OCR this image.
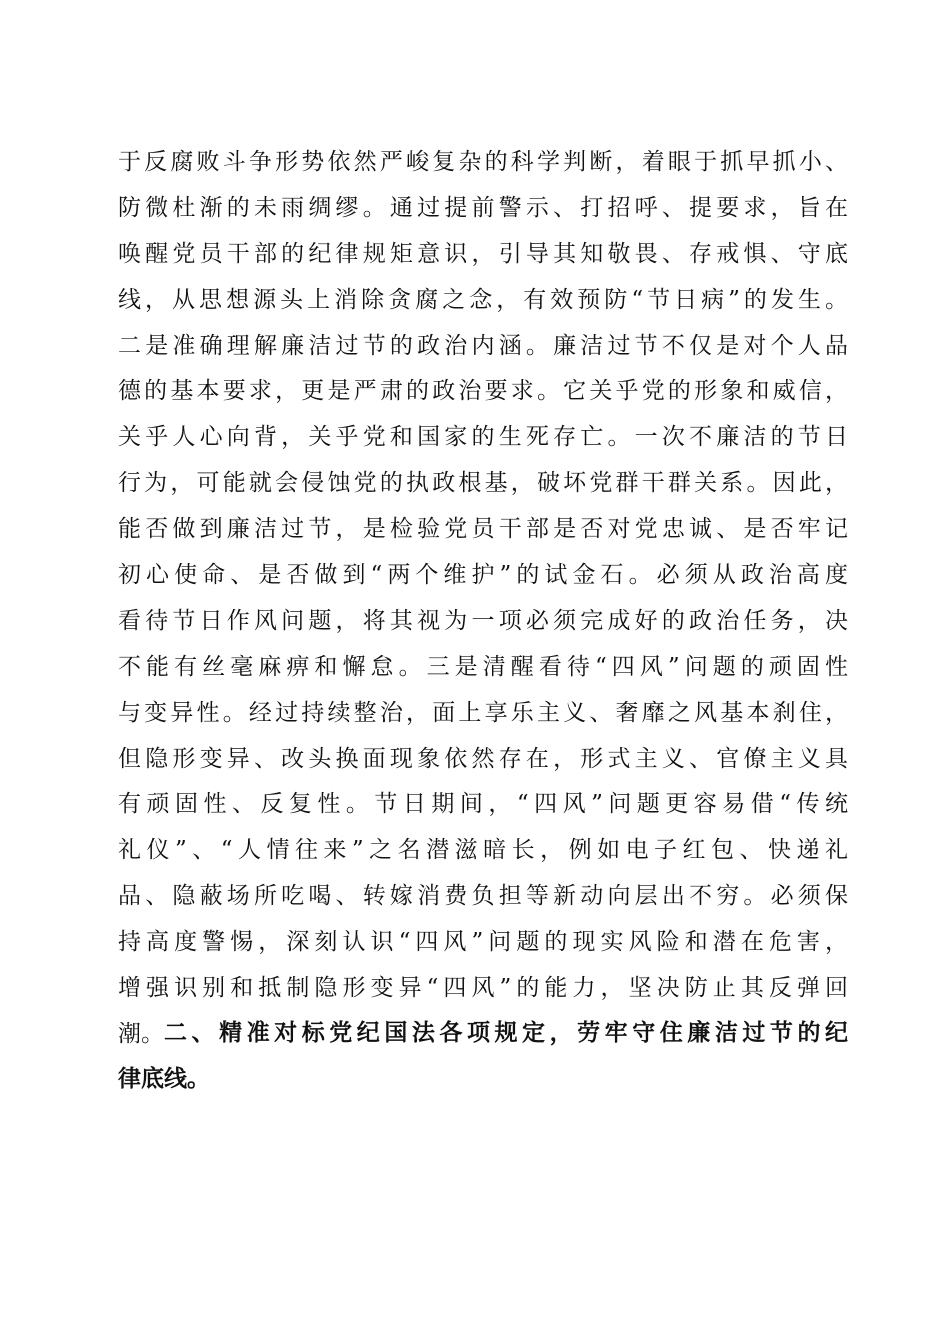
于反腐败斗争形势依然严峻复杂的科学判断，着眼于抓早抓小、
防微杜渐的未雨绸缪。通过提前警示、打招呼、提要求，旨在
唤醒党员干部的纪律规矩意识，引导其知敬畏、存戒惧、守底
线，从思想源头上消除贪腐之念，有效预防“节日病”的发生。
二是准确理解廉洁过节的政治内涵。廉洁过节不仅是对个人品
德的基本要求，更是严肃的政治要求。它关乎党的形象和威信，
关乎人心向背，关乎党和国家的生死存亡。一次不廉洁的节日
行为，可能就会侵蚀党的执政根基，破坏党群干群关系。因此，
能否做到廉洁过节，是检验党员干部是否对党忠诚、是否牢记
初心使命、是否做到“两个维护”的试金石。必须从政治高度
看待节日作风问题，将其视为一项必须完成好的政治任务，决
不能有丝毫麻痹和懈怠。三是清醒看待“四风”问题的顽固性
与变异性。经过持续整治，面上享乐主义、奢靡之风基本刹住，
但隐形变异、改头换面现象依然存在，形式主义、官僚主义具
有顽固性、反复性。节日期间，“四风”问题更容易借“传统
礼仪”、“人情往来”之名潜滋暗长，例如电子红包、快递礼
品、隐蔽场所吃喝、转嫁消费负担等新动向层出不穷。必须保
持高度警惕，深刻认识“四风”问题的现实风险和潜在危害，
增强识别和抵制隐形变异“四风”的能力，坚决防止其反弹回
潮。 二、精准对标党纪国法各项规定，劳牢守住廉洁过节的纪
律底线。
